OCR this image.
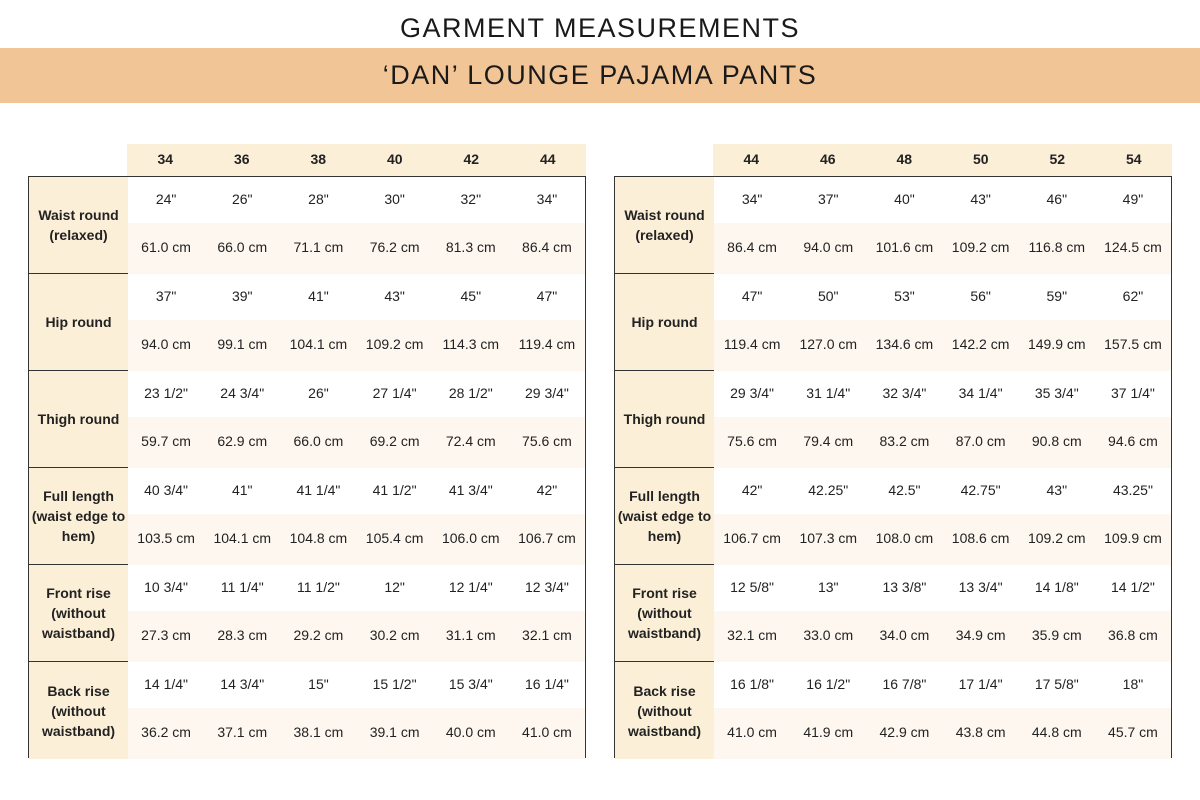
GARMENT MEASUREMENTS
‘DAN’ LOUNGE PAJAMA PANTS
34	36	38	40	42	44
Waist round (relaxed)
24"	26"	28"	30"	32"	34"
61.0 cm	66.0 cm	71.1 cm	76.2 cm	81.3 cm	86.4 cm
Hip round
37"	39"	41"	43"	45"	47"
94.0 cm	99.1 cm	104.1 cm	109.2 cm	114.3 cm	119.4 cm
Thigh round
23 1/2"	24 3/4"	26"	27 1/4"	28 1/2"	29 3/4"
59.7 cm	62.9 cm	66.0 cm	69.2 cm	72.4 cm	75.6 cm
Full length (waist edge to hem)
40 3/4"	41"	41 1/4"	41 1/2"	41 3/4"	42"
103.5 cm	104.1 cm	104.8 cm	105.4 cm	106.0 cm	106.7 cm
Front rise (without waistband)
10 3/4"	11 1/4"	11 1/2"	12"	12 1/4"	12 3/4"
27.3 cm	28.3 cm	29.2 cm	30.2 cm	31.1 cm	32.1 cm
Back rise (without waistband)
14 1/4"	14 3/4"	15"	15 1/2"	15 3/4"	16 1/4"
36.2 cm	37.1 cm	38.1 cm	39.1 cm	40.0 cm	41.0 cm
44	46	48	50	52	54
Waist round (relaxed)
34"	37"	40"	43"	46"	49"
86.4 cm	94.0 cm	101.6 cm	109.2 cm	116.8 cm	124.5 cm
Hip round
47"	50"	53"	56"	59"	62"
119.4 cm	127.0 cm	134.6 cm	142.2 cm	149.9 cm	157.5 cm
Thigh round
29 3/4"	31 1/4"	32 3/4"	34 1/4"	35 3/4"	37 1/4"
75.6 cm	79.4 cm	83.2 cm	87.0 cm	90.8 cm	94.6 cm
Full length (waist edge to hem)
42"	42.25"	42.5"	42.75"	43"	43.25"
106.7 cm	107.3 cm	108.0 cm	108.6 cm	109.2 cm	109.9 cm
Front rise (without waistband)
12 5/8"	13"	13 3/8"	13 3/4"	14 1/8"	14 1/2"
32.1 cm	33.0 cm	34.0 cm	34.9 cm	35.9 cm	36.8 cm
Back rise (without waistband)
16 1/8"	16 1/2"	16 7/8"	17 1/4"	17 5/8"	18"
41.0 cm	41.9 cm	42.9 cm	43.8 cm	44.8 cm	45.7 cm
